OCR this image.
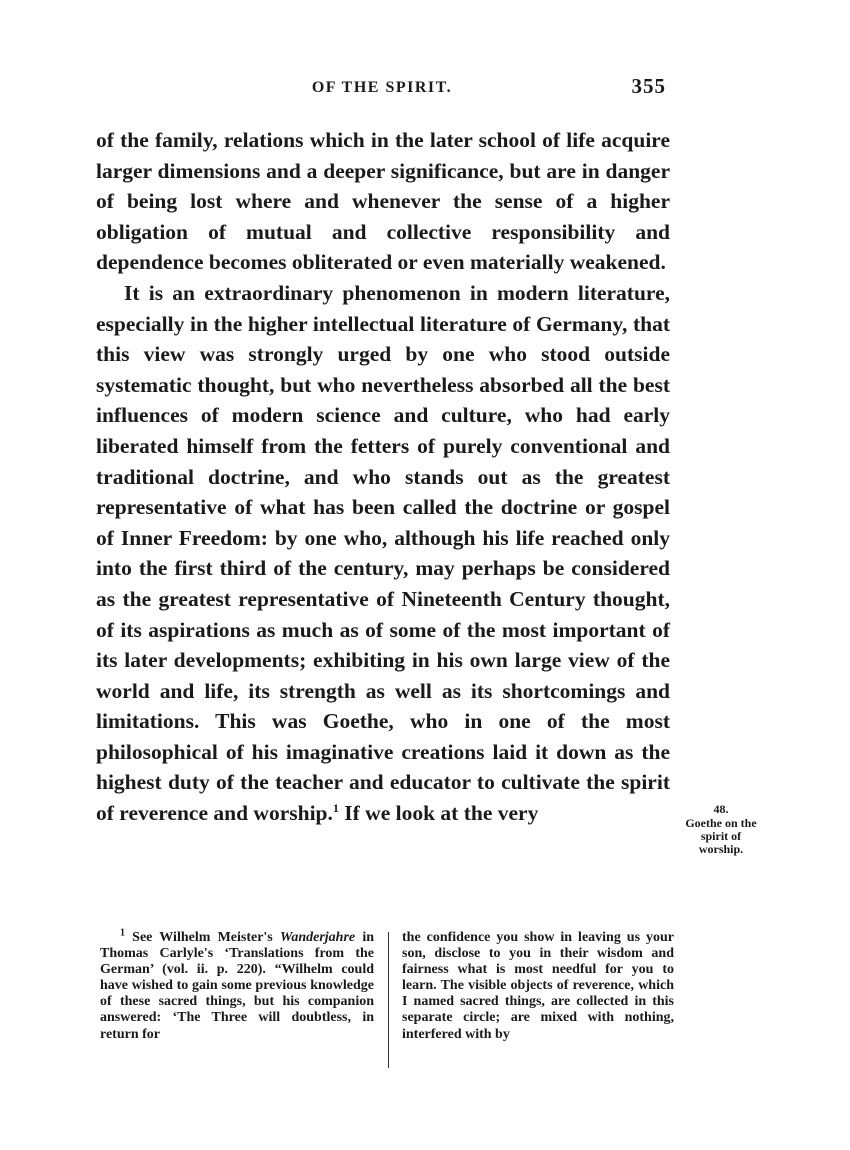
OF THE SPIRIT.	355

of the family, relations which in the later school of life acquire larger dimensions and a deeper significance, but are in danger of being lost where and whenever the sense of a higher obligation of mutual and collective responsibility and dependence becomes obliterated or even materially weakened.

It is an extraordinary phenomenon in modern literature, especially in the higher intellectual literature of Germany, that this view was strongly urged by one who stood outside systematic thought, but who nevertheless absorbed all the best influences of modern science and culture, who had early liberated himself from the fetters of purely conventional and traditional doctrine, and who stands out as the greatest representative of what has been called the doctrine or gospel of Inner Freedom: by one who, although his life reached only into the first third of the century, may perhaps be considered as the greatest representative of Nineteenth Century thought, of its aspirations as much as of some of the most important of its later developments; exhibiting in his own large view of the world and life, its strength as well as its shortcomings and limitations. This was Goethe, who in one of the most philosophical of his imaginative creations laid it down as the highest duty of the teacher and educator to cultivate the spirit of reverence and worship.$^1$ If we look at the very	48.
Goethe on the spirit of worship.
$^1$ See Wilhelm Meister's Wanderjahre in Thomas Carlyle's ‘Translations from the German’ (vol. ii. p. 220). “Wilhelm could have wished to gain some previous knowledge of these sacred things, but his companion answered: ‘The Three will doubtless, in return for
the confidence you show in leaving us your son, disclose to you in their wisdom and fairness what is most needful for you to learn. The visible objects of reverence, which I named sacred things, are collected in this separate circle; are mixed with nothing, interfered with by
